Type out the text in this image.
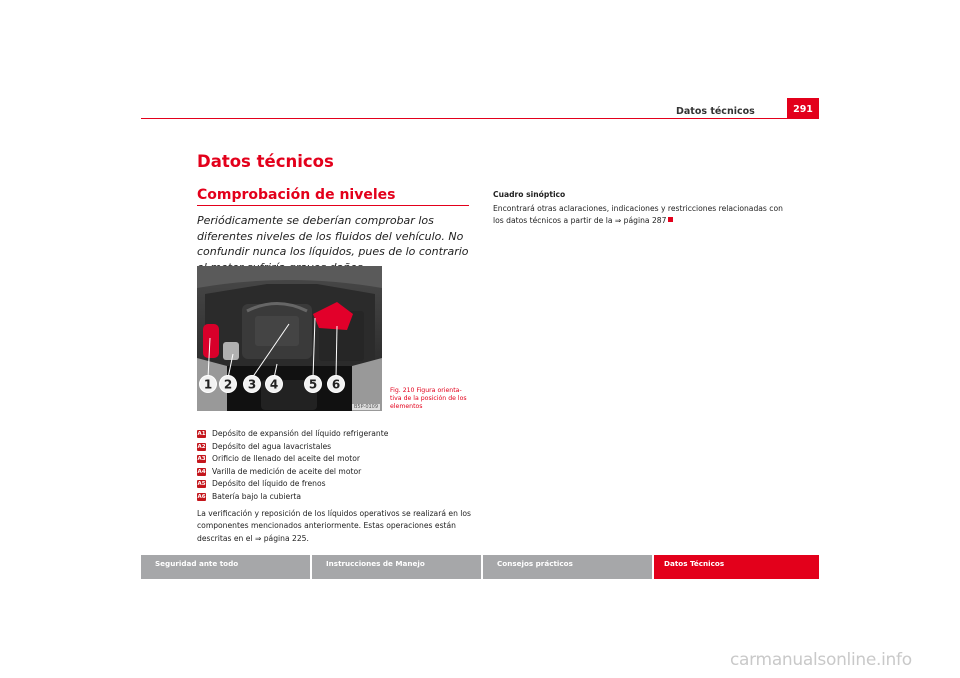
Datos técnicos	291
Datos técnicos
Comprobación de niveles
Periódicamente se deberían comprobar los diferentes niveles de los fluidos del vehículo. No confundir nunca los líquidos, pues de lo contrario
1 2 3 4	5 6
B5P-0109
Fig. 210 Figura orienta-tiva de la posición de los elementos
A1 Depósito de expansión del líquido refrigerante
A2 Depósito del agua lavacristales
A3 Orificio de llenado del aceite del motor
A4 Varilla de medición de aceite del motor
A5 Depósito del líquido de frenos
A6 Batería bajo la cubierta
La verificación y reposición de los líquidos operativos se realizará en los componentes mencionados anteriormente. Estas operaciones están descritas en el ⇒ página 225.
Cuadro sinóptico
Encontrará otras aclaraciones, indicaciones y restricciones relacionadas con los datos técnicos a partir de la ⇒ página 287
Seguridad ante todo	Instrucciones de Manejo	Consejos prácticos	Datos Técnicos
carmanualsonline.info
